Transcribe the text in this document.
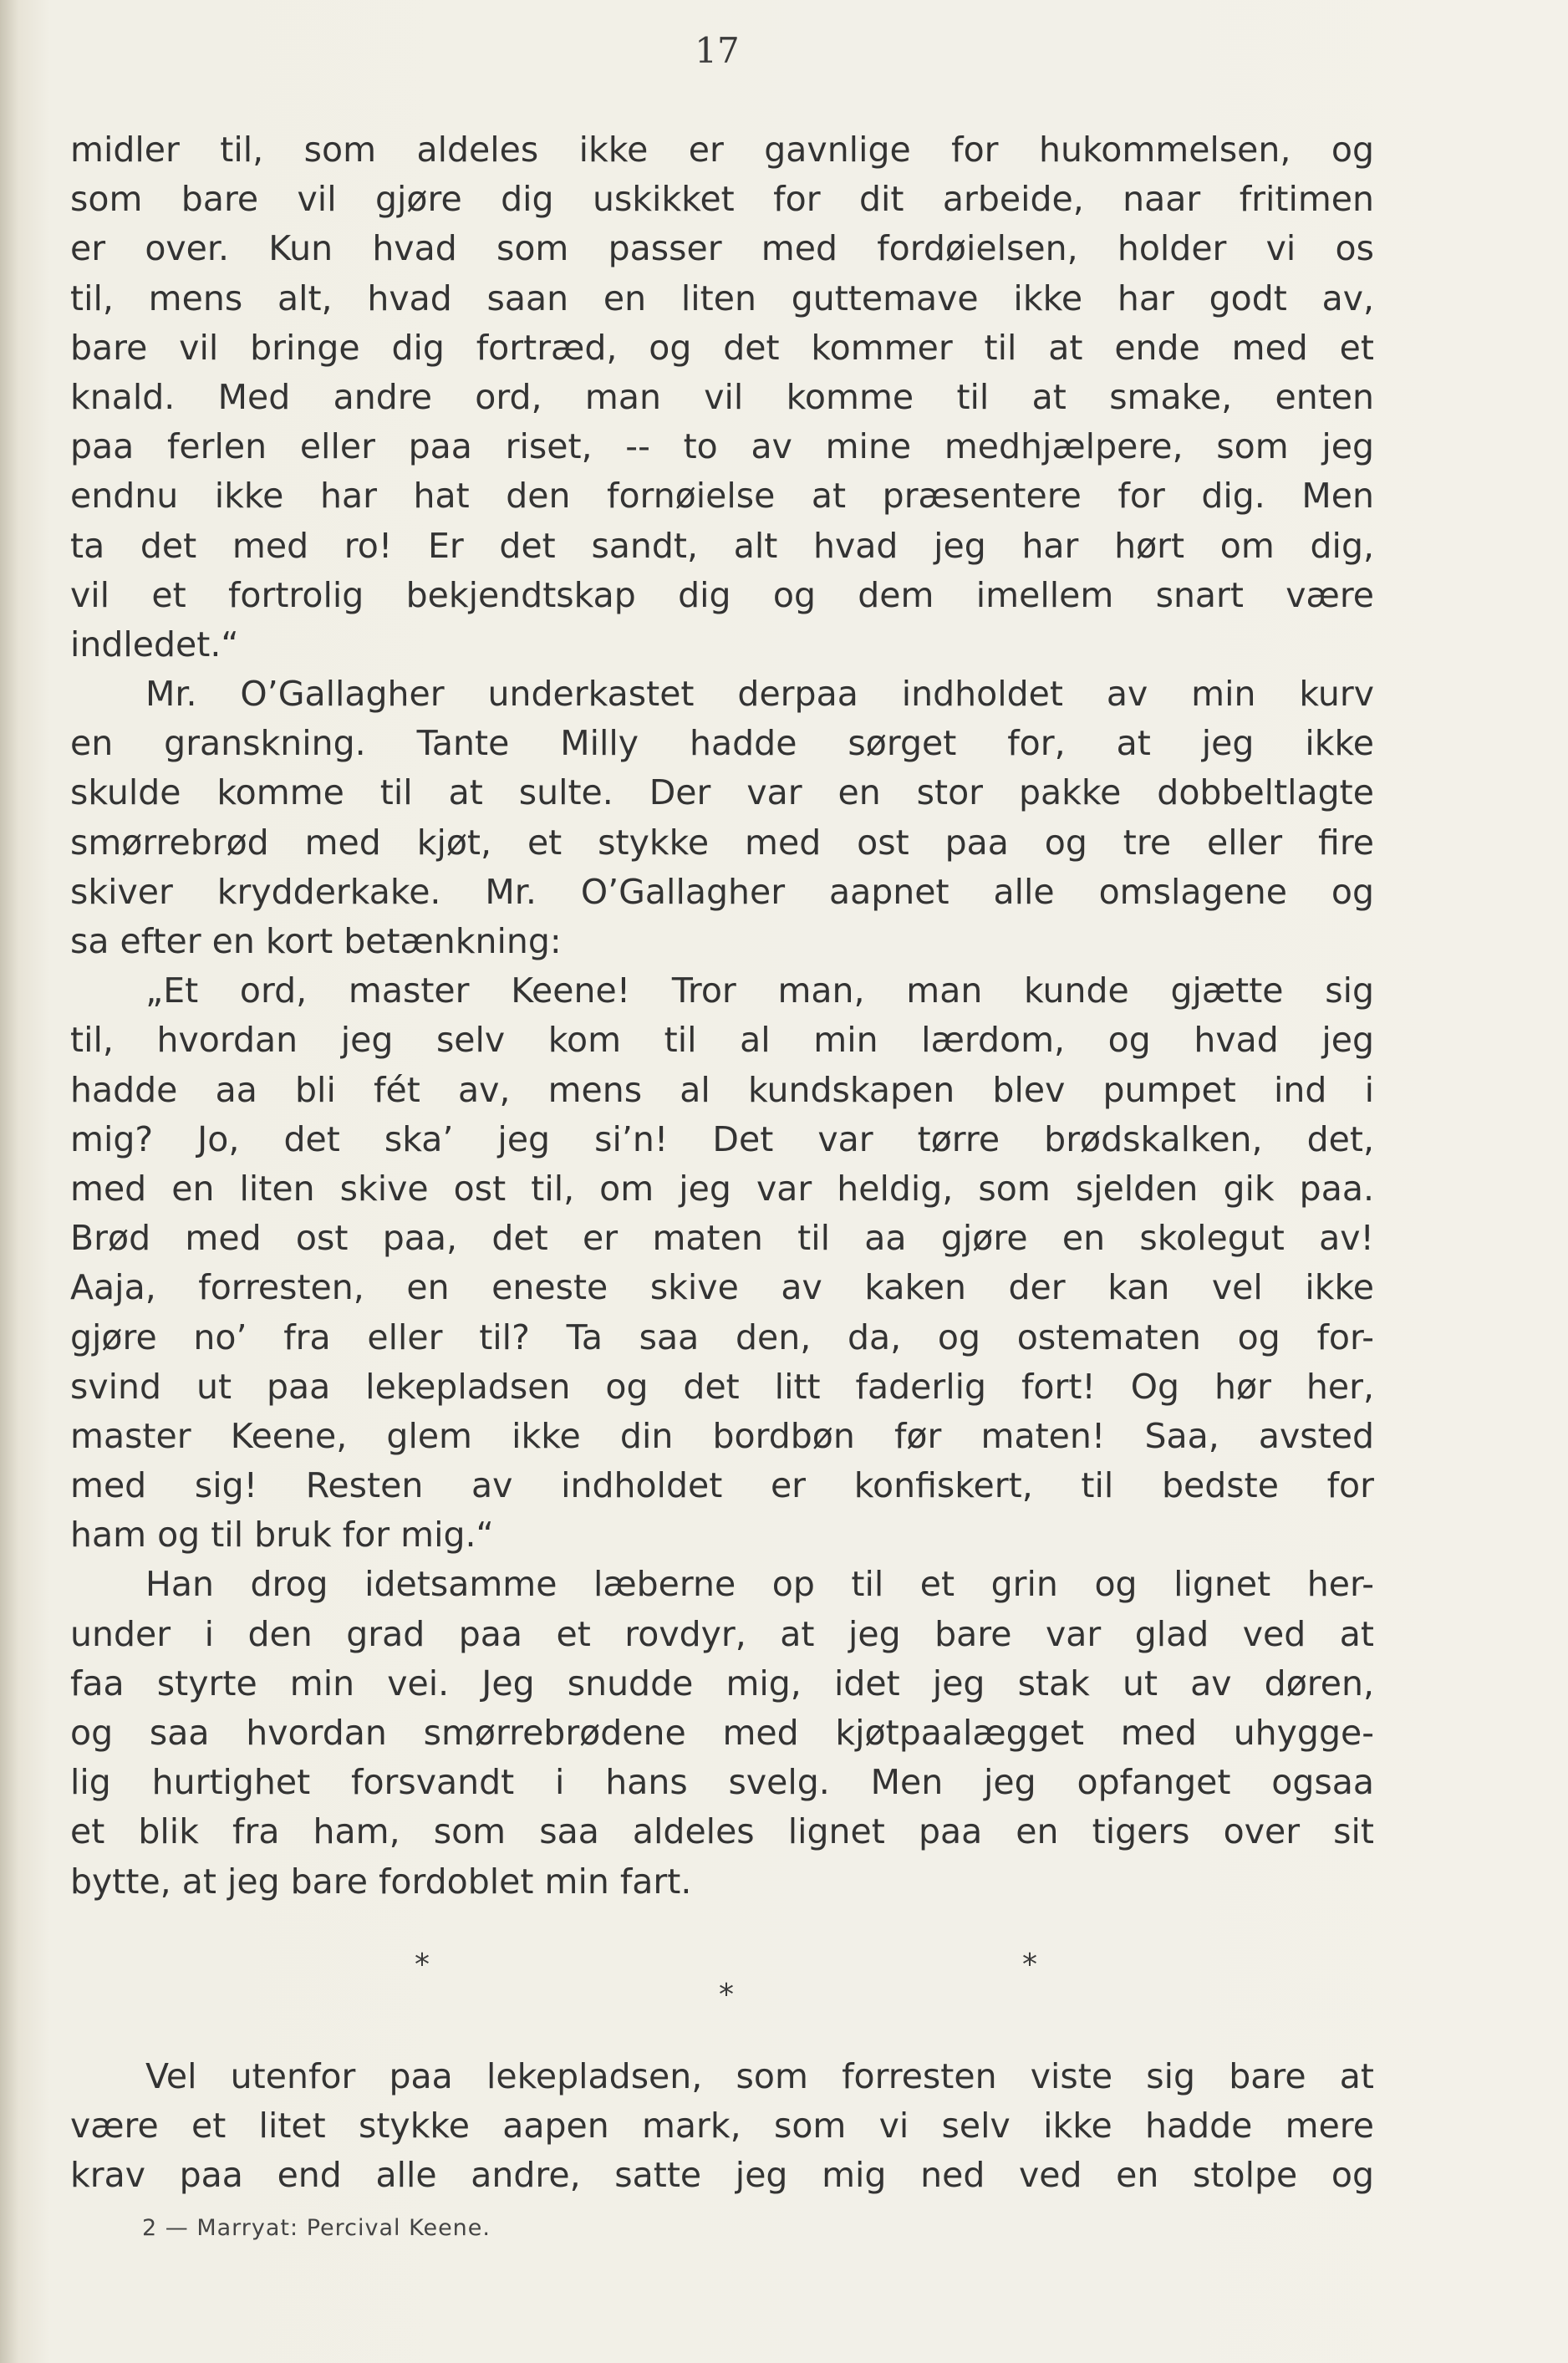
17
midler til, som aldeles ikke er gavnlige for hukommelsen, og
som bare vil gjøre dig uskikket for dit arbeide, naar fritimen
er over. Kun hvad som passer med fordøielsen, holder vi os
til, mens alt, hvad saan en liten guttemave ikke har godt av,
bare vil bringe dig fortræd, og det kommer til at ende med et
knald. Med andre ord, man vil komme til at smake, enten
paa ferlen eller paa riset, -- to av mine medhjælpere, som jeg
endnu ikke har hat den fornøielse at præsentere for dig. Men
ta det med ro! Er det sandt, alt hvad jeg har hørt om dig,
vil et fortrolig bekjendtskap dig og dem imellem snart være
indledet.“
Mr. O’Gallagher underkastet derpaa indholdet av min kurv
en granskning. Tante Milly hadde sørget for, at jeg ikke
skulde komme til at sulte. Der var en stor pakke dobbeltlagte
smørrebrød med kjøt, et stykke med ost paa og tre eller fire
skiver krydderkake. Mr. O’Gallagher aapnet alle omslagene og
sa efter en kort betænkning:
„Et ord, master Keene! Tror man, man kunde gjætte sig
til, hvordan jeg selv kom til al min lærdom, og hvad jeg
hadde aa bli fét av, mens al kundskapen blev pumpet ind i
mig? Jo, det ska’ jeg si’n! Det var tørre brødskalken, det,
med en liten skive ost til, om jeg var heldig, som sjelden gik paa.
Brød med ost paa, det er maten til aa gjøre en skolegut av!
Aaja, forresten, en eneste skive av kaken der kan vel ikke
gjøre no’ fra eller til? Ta saa den, da, og ostematen og for-
svind ut paa lekepladsen og det litt faderlig fort! Og hør her,
master Keene, glem ikke din bordbøn før maten! Saa, avsted
med sig! Resten av indholdet er konfiskert, til bedste for
ham og til bruk for mig.“
Han drog idetsamme læberne op til et grin og lignet her-
under i den grad paa et rovdyr, at jeg bare var glad ved at
faa styrte min vei. Jeg snudde mig, idet jeg stak ut av døren,
og saa hvordan smørrebrødene med kjøtpaalægget med uhygge-
lig hurtighet forsvandt i hans svelg. Men jeg opfanget ogsaa
et blik fra ham, som saa aldeles lignet paa en tigers over sit
bytte, at jeg bare fordoblet min fart.
*	*
*
Vel utenfor paa lekepladsen, som forresten viste sig bare at
være et litet stykke aapen mark, som vi selv ikke hadde mere
krav paa end alle andre, satte jeg mig ned ved en stolpe og
2 — Marryat: Percival Keene.
